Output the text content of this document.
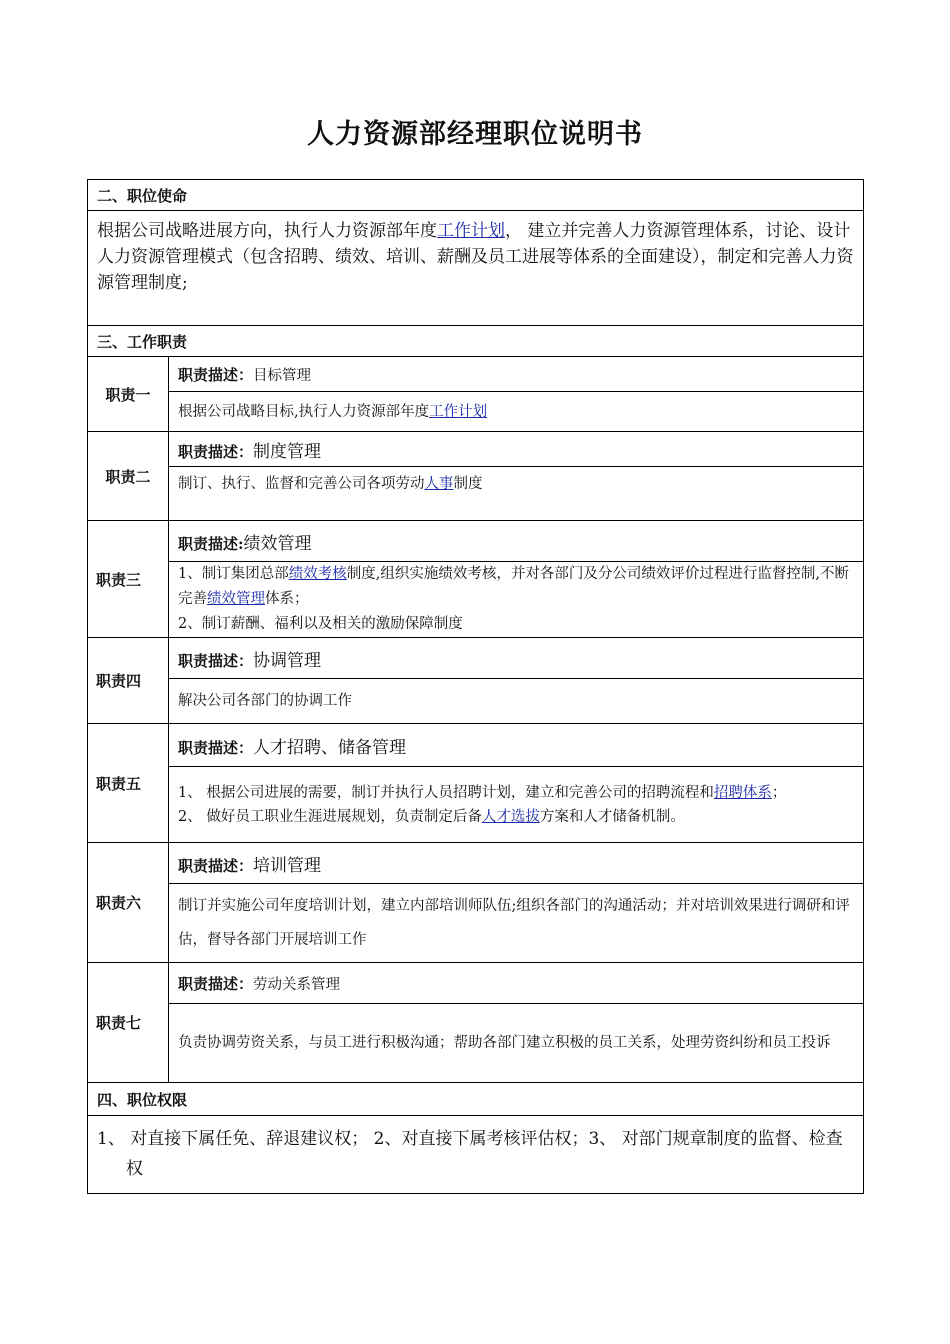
人力资源部经理职位说明书
二、职位使命	
根据公司战略进展方向，执行人力资源部年度工作计划， 建立并完善人力资源管理体系，讨论、设计人力资源管理模式（包含招聘、绩效、培训、薪酬及员工进展等体系的全面建设），制定和完善人力资源管理制度;	
三、工作职责	
职责一	职责描述：目标管理
	根据公司战略目标,执行人力资源部年度工作计划
职责二	职责描述：制度管理
	制订、执行、监督和完善公司各项劳动人事制度
职责三	职责描述:绩效管理

	1、制订集团总部绩效考核制度,组织实施绩效考核，并对各部门及分公司绩效评价过程进行监督控制,不断完善绩效管理体系；
2、制订薪酬、福利以及相关的激励保障制度

职责四	职责描述：协调管理
	解决公司各部门的协调工作
职责五	职责描述：人才招聘、储备管理

	1、 根据公司进展的需要，制订并执行人员招聘计划，建立和完善公司的招聘流程和招聘体系；
2、 做好员工职业生涯进展规划，负责制定后备人才选拔方案和人才储备机制。

职责六	职责描述：培训管理
	制订并实施公司年度培训计划，建立内部培训师队伍;组织各部门的沟通活动；并对培训效果进行调研和评估，督导各部门开展培训工作
职责七	职责描述：劳动关系管理
	负责协调劳资关系，与员工进行积极沟通；帮助各部门建立积极的员工关系，处理劳资纠纷和员工投诉
四、职位权限	

1、 对直接下属任免、辞退建议权； 2、对直接下属考核评估权；3、 对部门规章制度的监督、检查权	
